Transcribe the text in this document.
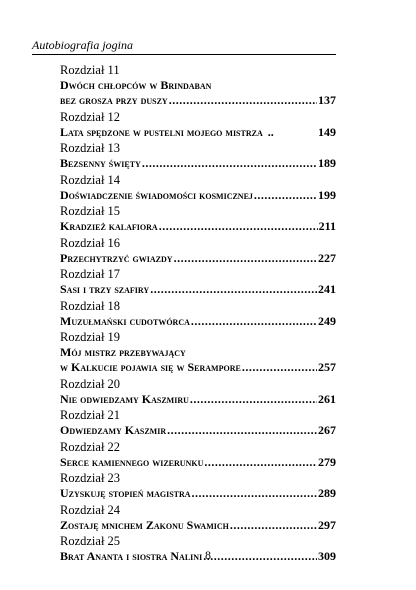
Autobiografia jogina
Rozdział 11
Dwóch chłopców w Brindaban
bez grosza przy duszy .....	137
Rozdział 12
Lata spędzone w pustelni mojego mistrza ..	149
Rozdział 13
Bezsenny święty .....	189
Rozdział 14
Doświadczenie świadomości kosmicznej .....	199
Rozdział 15
Kradzież kalafiora .....	211
Rozdział 16
Przechytrzyć gwiazdy .....	227
Rozdział 17
Sasi i trzy szafiry .....	241
Rozdział 18
Muzułmański cudotwórca .....	249
Rozdział 19
Mój mistrz przebywający
w Kalkucie pojawia się w Serampore .....	257
Rozdział 20
Nie odwiedzamy Kaszmiru .....	261
Rozdział 21
Odwiedzamy Kaszmir .....	267
Rozdział 22
Serce kamiennego wizerunku .....	279
Rozdział 23
Uzyskuję stopień magistra .....	289
Rozdział 24
Zostaję mnichem Zakonu Swamich .....	297
Rozdział 25
Brat Ananta i siostra Nalini .....	309
8
